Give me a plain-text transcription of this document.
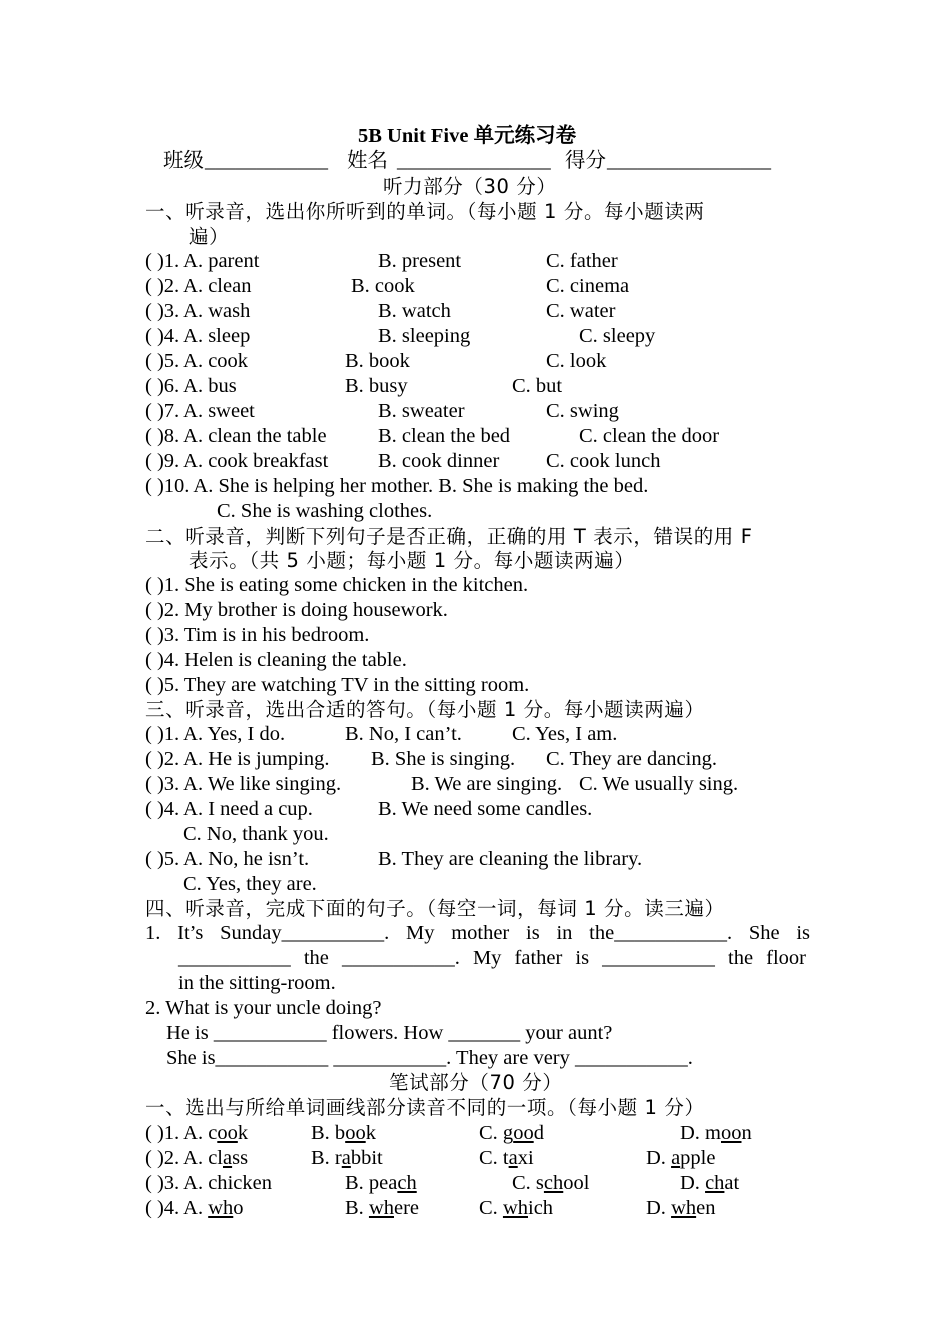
5B Unit Five 单元练习卷
班级 ____________ 姓名 _______________ 得分 ________________
听力部分（30 分）
一、听录音，选出你所听到的单词。（每小题 1 分。每小题读两
遍）
( )1. A. parent	B. present	C. father
( )2. A. clean	B. cook	C. cinema
( )3. A. wash	B. watch	C. water
( )4. A. sleep	B. sleeping	C. sleepy
( )5. A. cook	B. book	C. look
( )6. A. bus	B. busy	C. but
( )7. A. sweet	B. sweater	C. swing
( )8. A. clean the table	B. clean the bed	C. clean the door
( )9. A. cook breakfast B. cook dinner C. cook lunch
( )10. A. She is helping her mother. B. She is making the bed.
C. She is washing clothes.
二、听录音，判断下列句子是否正确，正确的用 T 表示，错误的用 F
表示。（共 5 小题；每小题 1 分。每小题读两遍）
( )1. She is eating some chicken in the kitchen.
( )2. My brother is doing housework.
( )3. Tim is in his bedroom.
( )4. Helen is cleaning the table.
( )5. They are watching TV in the sitting room.
三、听录音，选出合适的答句。（每小题 1 分。每小题读两遍）
( )1. A. Yes, I do.	B. No, I can’t. C. Yes, I am.
( )2. A. He is jumping. B. She is singing. C. They are dancing.
( )3. A. We like singing.	B. We are singing. C. We usually sing.
( )4. A. I need a cup.	B. We need some candles.
C. No, thank you.
( )5. A. No, he isn’t.	B. They are cleaning the library.
C. Yes, they are.
四、听录音，完成下面的句子。（每空一词，每词 1 分。读三遍）
1. It’s Sunday__________. My mother is in the___________. She is
___________ the ___________. My father is ___________ the floor
in the sitting-room.
2. What is your uncle doing?
He is ___________ flowers. How _______ your aunt?
She is___________ ___________. They are very ___________.
笔试部分（70 分）
一、选出与所给单词画线部分读音不同的一项。（每小题 1 分）
( )1. A. cook	B. book	C. good	D. moon
( )2. A. class	B. rabbit	C. taxi	D. apple
( )3. A. chicken	B. peach	C. school	D. chat
( )4. A. who	B. where	C. which	D. when
